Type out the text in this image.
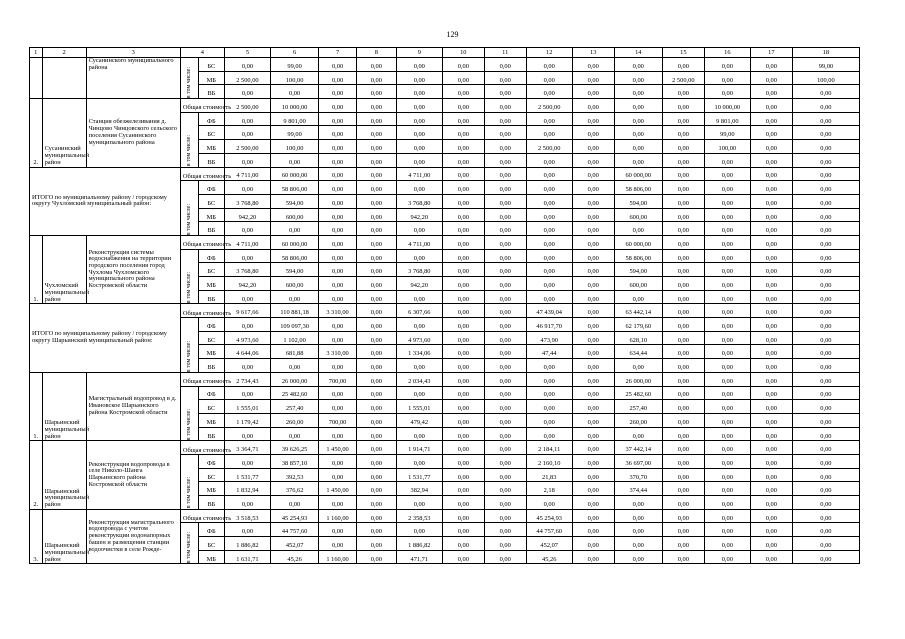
129
1	2	3	4		5	6	7	8	9	10	11	12	13	14	15	16	17	18
		Сусанинского муниципального района	в том числе:	БС	0,00	99,00	0,00	0,00	0,00	0,00	0,00	0,00	0,00	0,00	0,00	0,00	0,00	99,00
				МБ	2 500,00	100,00	0,00	0,00	0,00	0,00	0,00	0,00	0,00	0,00	2 500,00	0,00	0,00	100,00
				ВБ	0,00	0,00	0,00	0,00	0,00	0,00	0,00	0,00	0,00	0,00	0,00	0,00	0,00	0,00
2.	Сусанинский муниципальный район	Станция обезжелезивания д. Чинцово Чинцовского сельского поселения Сусанинского муниципального района	Общая стоимость		2 500,00	10 000,00	0,00	0,00	0,00	0,00	0,00	2 500,00	0,00	0,00	0,00	10 000,00	0,00	0,00

			в том числе:	ФБ	0,00	9 801,00	0,00	0,00	0,00	0,00	0,00	0,00	0,00	0,00	0,00	9 801,00	0,00	0,00
				БС	0,00	99,00	0,00	0,00	0,00	0,00	0,00	0,00	0,00	0,00	0,00	99,00	0,00	0,00
				МБ	2 500,00	100,00	0,00	0,00	0,00	0,00	0,00	2 500,00	0,00	0,00	0,00	100,00	0,00	0,00
				ВБ	0,00	0,00	0,00	0,00	0,00	0,00	0,00	0,00	0,00	0,00	0,00	0,00	0,00	0,00
ИТОГО по муниципальному району / городскому округу Чухломский муниципальный район:			Общая стоимость		4 711,00	60 000,00	0,00	0,00	4 711,00	0,00	0,00	0,00	0,00	60 000,00	0,00	0,00	0,00	0,00

			в том числе:	ФБ	0,00	58 806,00	0,00	0,00	0,00	0,00	0,00	0,00	0,00	58 806,00	0,00	0,00	0,00	0,00
				БС	3 768,80	594,00	0,00	0,00	3 768,80	0,00	0,00	0,00	0,00	594,00	0,00	0,00	0,00	0,00
				МБ	942,20	600,00	0,00	0,00	942,20	0,00	0,00	0,00	0,00	600,00	0,00	0,00	0,00	0,00
				ВБ	0,00	0,00	0,00	0,00	0,00	0,00	0,00	0,00	0,00	0,00	0,00	0,00	0,00	0,00
1.	Чухломский муниципальный район	Реконструкция системы водоснабжения на территории городского поселения город Чухлома Чухломского муниципального района Костромской области	Общая стоимость		4 711,00	60 000,00	0,00	0,00	4 711,00	0,00	0,00	0,00	0,00	60 000,00	0,00	0,00	0,00	0,00

			в том числе:	ФБ	0,00	58 806,00	0,00	0,00	0,00	0,00	0,00	0,00	0,00	58 806,00	0,00	0,00	0,00	0,00
				БС	3 768,80	594,00	0,00	0,00	3 768,80	0,00	0,00	0,00	0,00	594,00	0,00	0,00	0,00	0,00
				МБ	942,20	600,00	0,00	0,00	942,20	0,00	0,00	0,00	0,00	600,00	0,00	0,00	0,00	0,00
				ВБ	0,00	0,00	0,00	0,00	0,00	0,00	0,00	0,00	0,00	0,00	0,00	0,00	0,00	0,00
ИТОГО по муниципальному району / городскому округу Шарьинский муниципальный район:			Общая стоимость		9 617,66	110 881,18	3 310,00	0,00	6 307,66	0,00	0,00	47 439,04	0,00	63 442,14	0,00	0,00	0,00	0,00

			в том числе:	ФБ	0,00	109 097,30	0,00	0,00	0,00	0,00	0,00	46 917,70	0,00	62 179,60	0,00	0,00	0,00	0,00
				БС	4 973,60	1 102,00	0,00	0,00	4 973,60	0,00	0,00	473,90	0,00	628,10	0,00	0,00	0,00	0,00
				МБ	4 644,06	681,88	3 310,00	0,00	1 334,06	0,00	0,00	47,44	0,00	634,44	0,00	0,00	0,00	0,00
				ВБ	0,00	0,00	0,00	0,00	0,00	0,00	0,00	0,00	0,00	0,00	0,00	0,00	0,00	0,00
1.	Шарьинский муниципальный район	Магистральный водопровод в д. Ивановское Шарьинского района Костромской области	Общая стоимость		2 734,43	26 000,00	700,00	0,00	2 034,43	0,00	0,00	0,00	0,00	26 000,00	0,00	0,00	0,00	0,00

			в том числе:	ФБ	0,00	25 482,60	0,00	0,00	0,00	0,00	0,00	0,00	0,00	25 482,60	0,00	0,00	0,00	0,00
				БС	1 555,01	257,40	0,00	0,00	1 555,01	0,00	0,00	0,00	0,00	257,40	0,00	0,00	0,00	0,00
				МБ	1 179,42	260,00	700,00	0,00	479,42	0,00	0,00	0,00	0,00	260,00	0,00	0,00	0,00	0,00
				ВБ	0,00	0,00	0,00	0,00	0,00	0,00	0,00	0,00	0,00	0,00	0,00	0,00	0,00	0,00
2.	Шарьинский муниципальный район	Реконструкция водопровода в селе Николо-Шанга Шарьинского района Костромской области	Общая стоимость		3 364,71	39 626,25	1 450,00	0,00	1 914,71	0,00	0,00	2 184,11	0,00	37 442,14	0,00	0,00	0,00	0,00

			в том числе:	ФБ	0,00	38 857,10	0,00	0,00	0,00	0,00	0,00	2 160,10	0,00	36 697,00	0,00	0,00	0,00	0,00
				БС	1 531,77	392,53	0,00	0,00	1 531,77	0,00	0,00	21,83	0,00	370,70	0,00	0,00	0,00	0,00
				МБ	1 832,94	376,62	1 450,00	0,00	382,94	0,00	0,00	2,18	0,00	374,44	0,00	0,00	0,00	0,00
				ВБ	0,00	0,00	0,00	0,00	0,00	0,00	0,00	0,00	0,00	0,00	0,00	0,00	0,00	0,00
3.	Шарьинский муниципальный район	Реконструкция магистрального водопровода с учетом реконструкции водонапорных башен и размещения станции водоочистки в селе Рожде-	Общая стоимость		3 518,53	45 254,93	1 160,00	0,00	2 358,53	0,00	0,00	45 254,93	0,00	0,00	0,00	0,00	0,00	0,00

			в том числе:	ФБ	0,00	44 757,60	0,00	0,00	0,00	0,00	0,00	44 757,60	0,00	0,00	0,00	0,00	0,00	0,00
				БС	1 886,82	452,07	0,00	0,00	1 886,82	0,00	0,00	452,07	0,00	0,00	0,00	0,00	0,00	0,00
				МБ	1 631,71	45,26	1 160,00	0,00	471,71	0,00	0,00	45,26	0,00	0,00	0,00	0,00	0,00	0,00
